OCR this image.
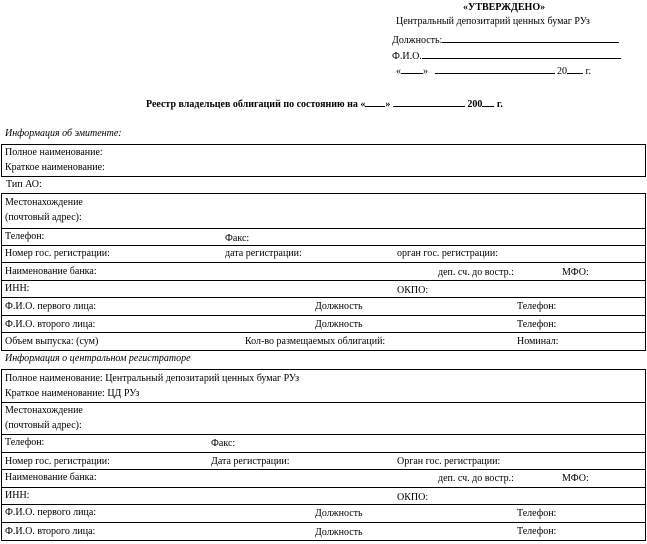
«УТВЕРЖДЕНО»
Центральный депозитарий ценных бумаг РУз
Должность:
Ф.И.О.
« »	20 г.
Реестр владельцев облигаций по состоянию на « »	200 г.
Информация об эмитенте:
Полное наименование:
Краткое наименование:
Тип АО:
Местонахождение
(почтовый адрес):
Телефон:	Факс:
Номер гос. регистрации:	дата регистрации:	орган гос. регистрации:
Наименование банка:	деп. сч. до востр.:	МФО:
ИНН:	ОКПО:
Ф.И.О. первого лица:	Должность	Телефон:
Ф.И.О. второго лица:	Должность	Телефон:
Объем выпуска: (сум)	Кол-во размещаемых облигаций:	Номинал:
Информация о центральном регистраторе
Полное наименование: Центральный депозитарий ценных бумаг РУз
Краткое наименование: ЦД РУз
Местонахождение
(почтовый адрес):
Телефон:	Факс:
Номер гос. регистрации:	Дата регистрации:	Орган гос. регистрации:
Наименование банка:	деп. сч. до востр.:	МФО:
ИНН:	ОКПО:
Ф.И.О. первого лица:	Должность	Телефон:
Ф.И.О. второго лица:	Должность	Телефон:
